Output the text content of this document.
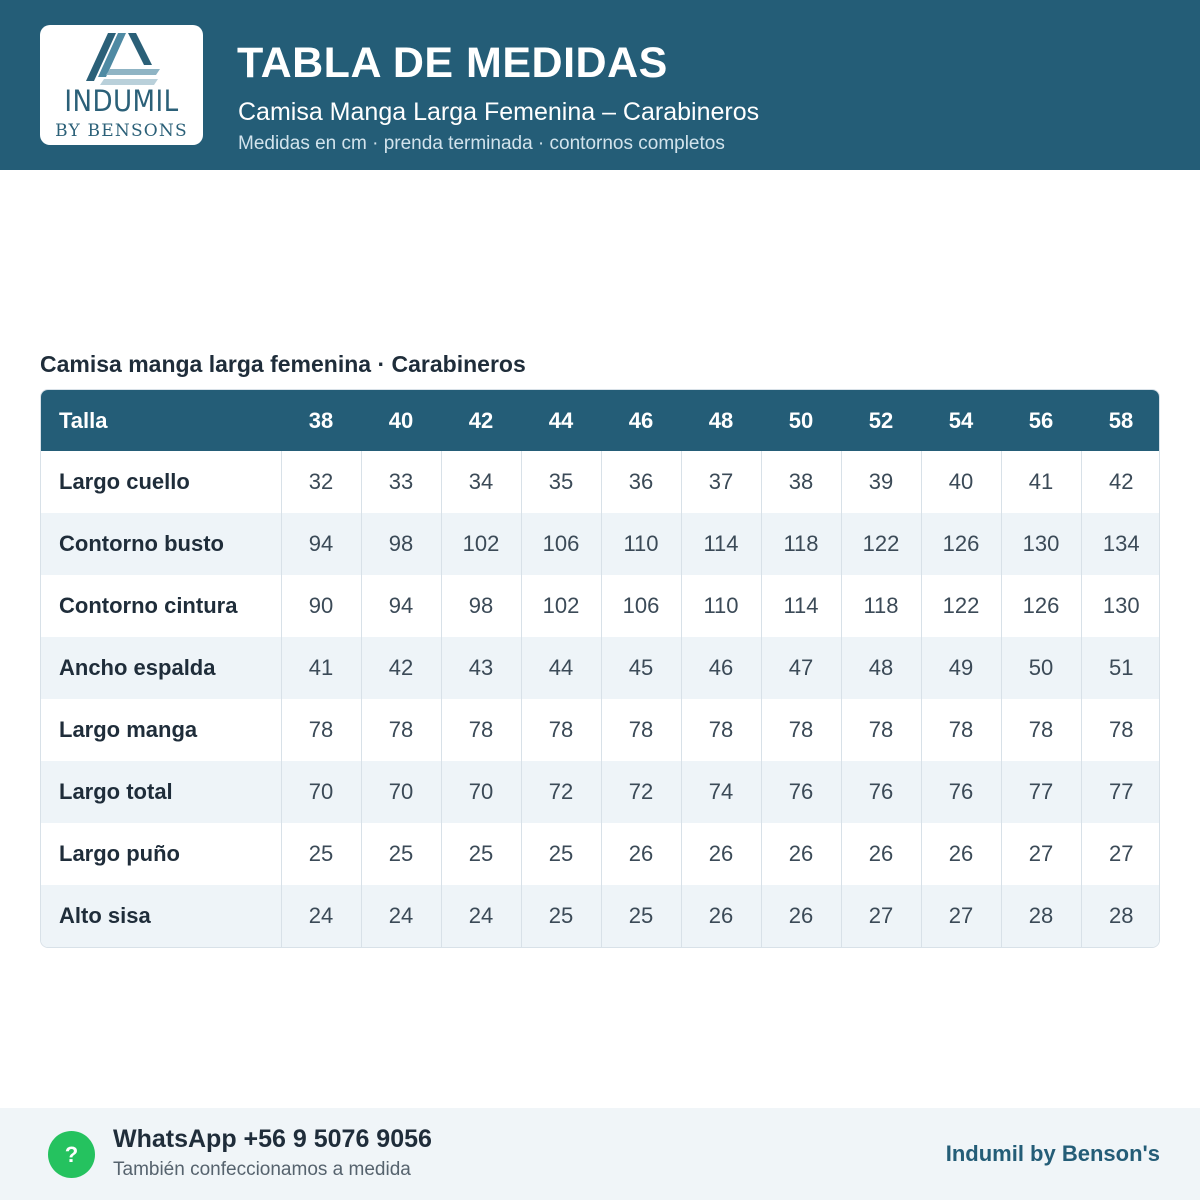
INDUMIL
BY BENSONS
TABLA DE MEDIDAS
Camisa Manga Larga Femenina – Carabineros
Medidas en cm · prenda terminada · contornos completos
Camisa manga larga femenina · Carabineros
Talla	38	40	42	44	46	48	50	52	54	56	58
Largo cuello	32	33	34	35	36	37	38	39	40	41	42
Contorno busto	94	98	102	106	110	114	118	122	126	130	134
Contorno cintura	90	94	98	102	106	110	114	118	122	126	130
Ancho espalda	41	42	43	44	45	46	47	48	49	50	51
Largo manga	78	78	78	78	78	78	78	78	78	78	78
Largo total	70	70	70	72	72	74	76	76	76	77	77
Largo puño	25	25	25	25	26	26	26	26	26	27	27
Alto sisa	24	24	24	25	25	26	26	27	27	28	28
?
WhatsApp +56 9 5076 9056
También confeccionamos a medida
Indumil by Benson's
